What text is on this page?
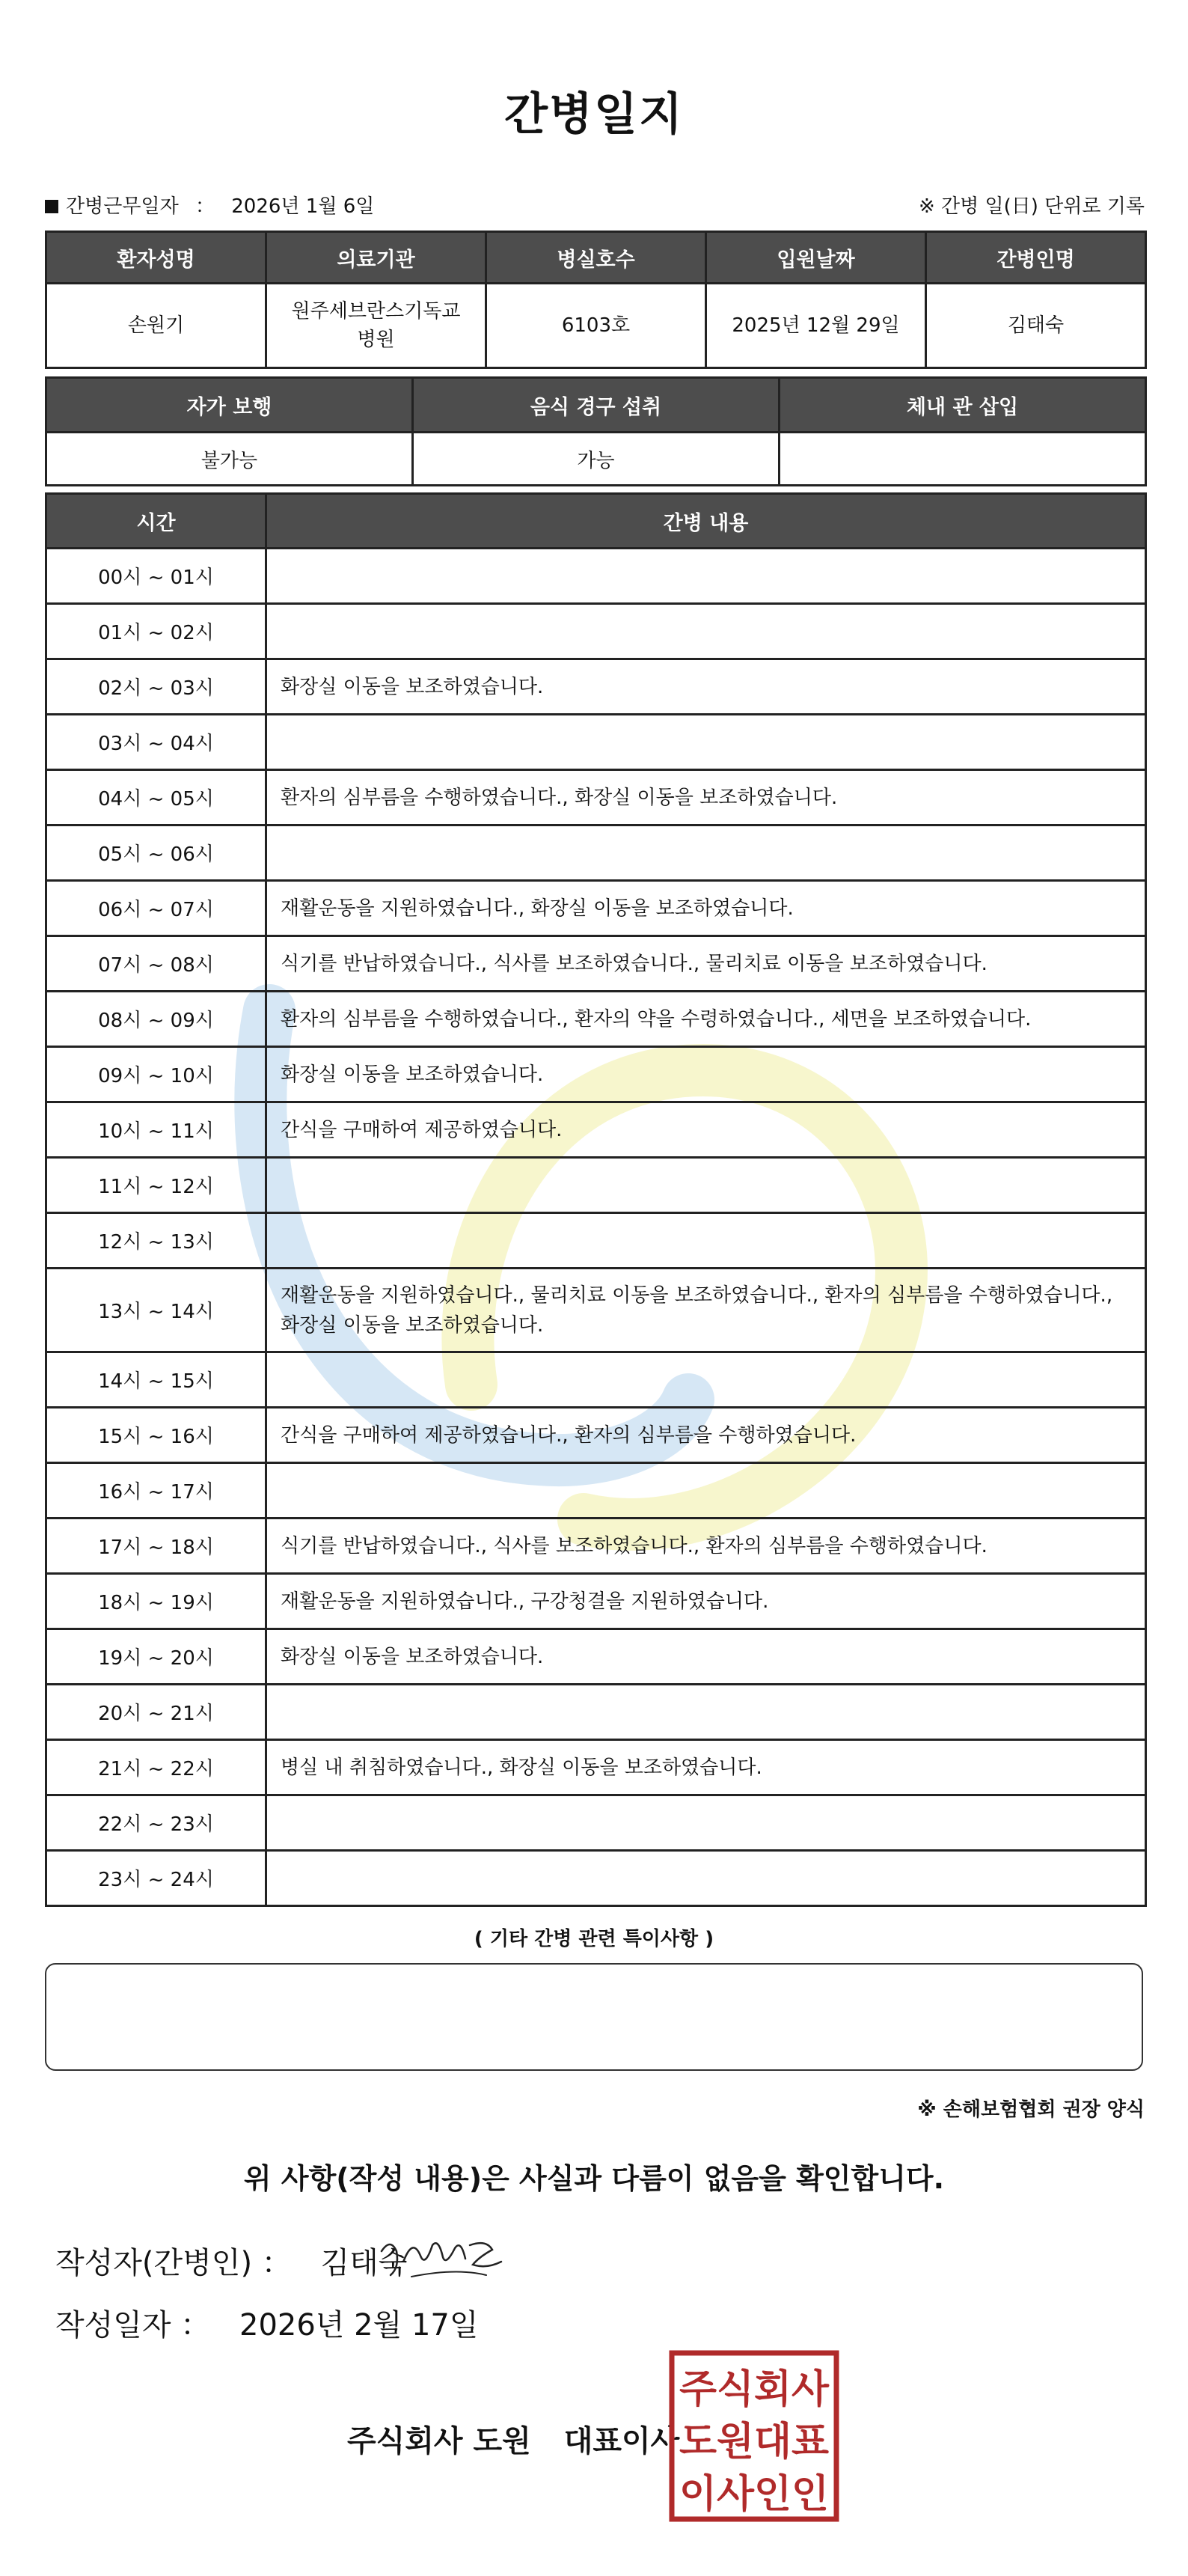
간병일지
간병근무일자 ： 2026년 1월 6일	※ 간병 일(日) 단위로 기록
환자성명	의료기관	병실호수	입원날짜	간병인명
손원기	원주세브란스기독교병원	6103호	2025년 12월 29일	김태숙
자가 보행	음식 경구 섭취	체내 관 삽입
불가능	가능	
시간	간병 내용
00시 ~ 01시	
01시 ~ 02시	
02시 ~ 03시	화장실 이동을 보조하였습니다.
03시 ~ 04시	
04시 ~ 05시	환자의 심부름을 수행하였습니다., 화장실 이동을 보조하였습니다.
05시 ~ 06시	
06시 ~ 07시	재활운동을 지원하였습니다., 화장실 이동을 보조하였습니다.
07시 ~ 08시	식기를 반납하였습니다., 식사를 보조하였습니다., 물리치료 이동을 보조하였습니다.
08시 ~ 09시	환자의 심부름을 수행하였습니다., 환자의 약을 수령하였습니다., 세면을 보조하였습니다.
09시 ~ 10시	화장실 이동을 보조하였습니다.
10시 ~ 11시	간식을 구매하여 제공하였습니다.
11시 ~ 12시	
12시 ~ 13시	
13시 ~ 14시	재활운동을 지원하였습니다., 물리치료 이동을 보조하였습니다., 환자의 심부름을 수행하였습니다., 화장실 이동을 보조하였습니다.
14시 ~ 15시	
15시 ~ 16시	간식을 구매하여 제공하였습니다., 환자의 심부름을 수행하였습니다.
16시 ~ 17시	
17시 ~ 18시	식기를 반납하였습니다., 식사를 보조하였습니다., 환자의 심부름을 수행하였습니다.
18시 ~ 19시	재활운동을 지원하였습니다., 구강청결을 지원하였습니다.
19시 ~ 20시	화장실 이동을 보조하였습니다.
20시 ~ 21시	
21시 ~ 22시	병실 내 취침하였습니다., 화장실 이동을 보조하였습니다.
22시 ~ 23시	
23시 ~ 24시	
( 기타 간병 관련 특이사항 )
※ 손해보험협회 권장 양식
위 사항(작성 내용)은 사실과 다름이 없음을 확인합니다.
작성자(간병인) ： 김태숙
작성일자 ： 2026년 2월 17일
주식회사 도원 대표이사
주식회사
도원대표
이사인인
